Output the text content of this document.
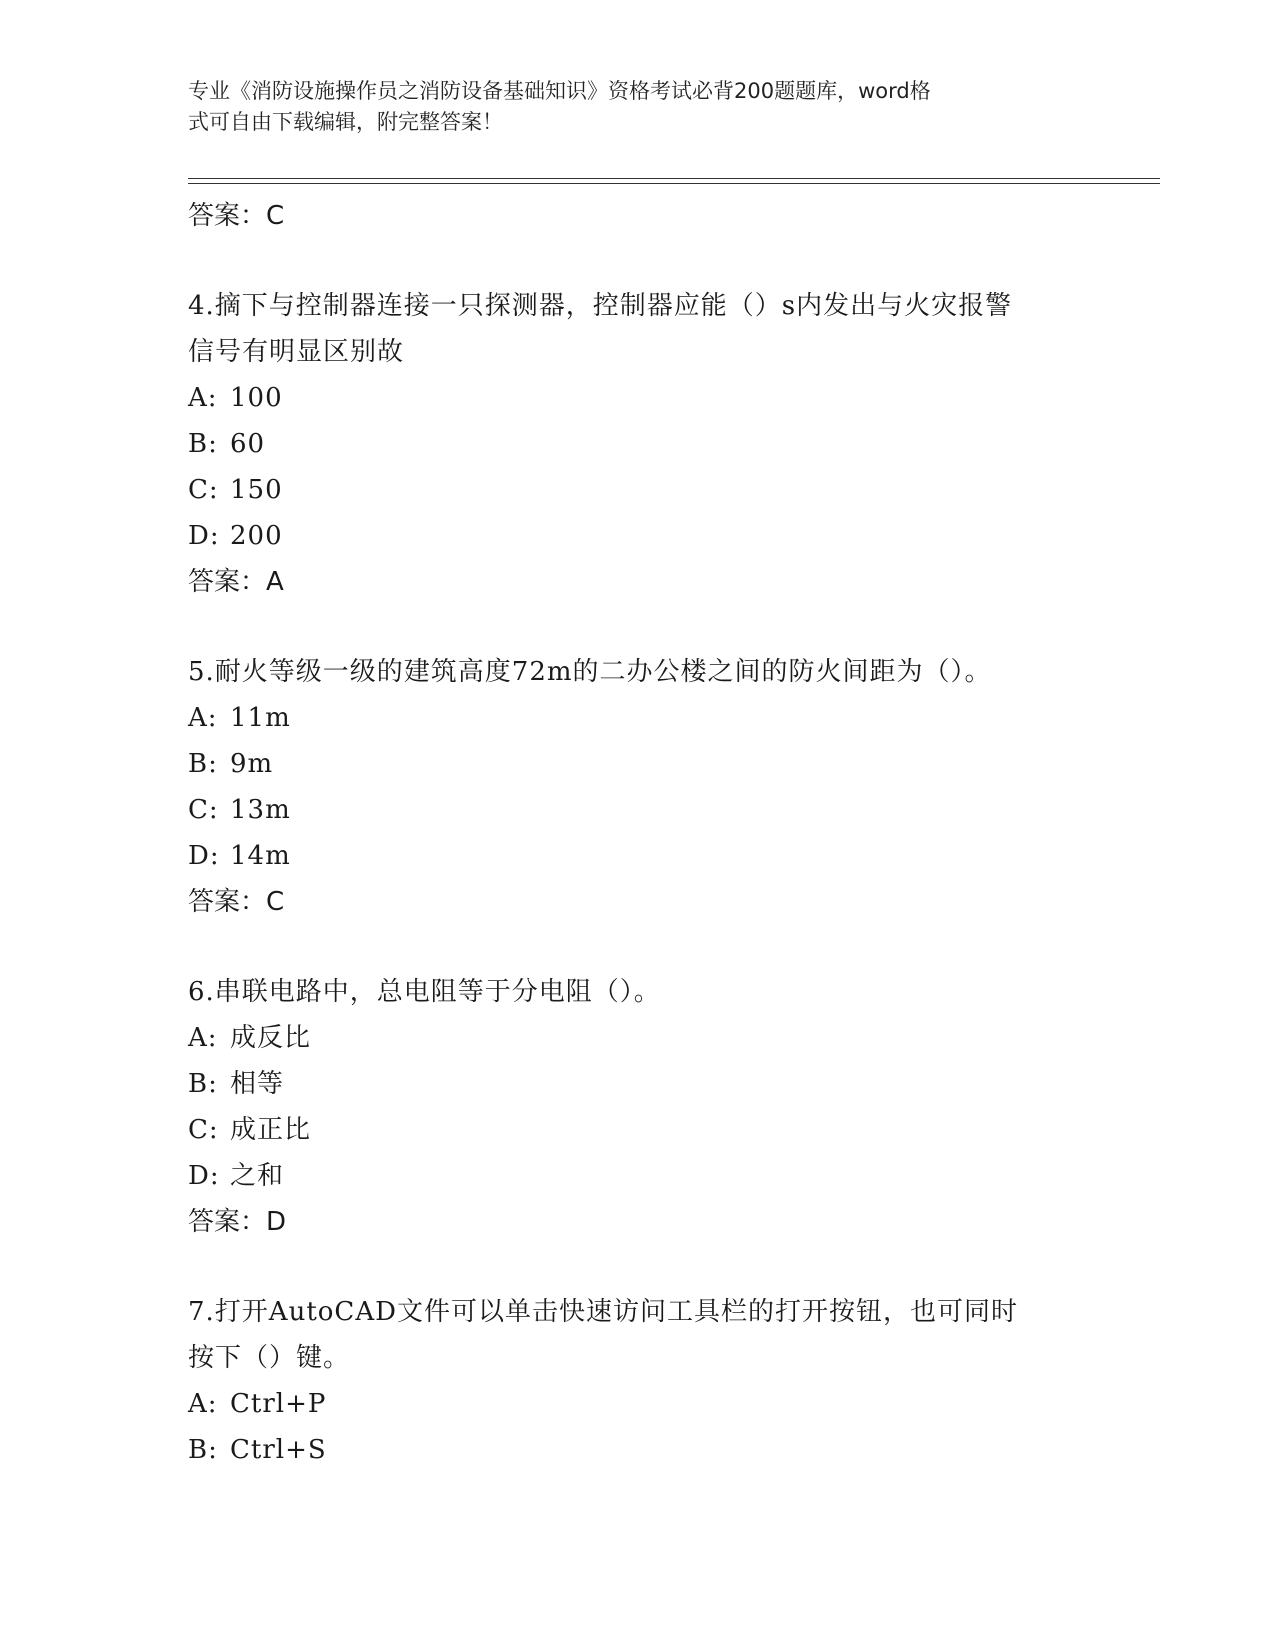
专业《消防设施操作员之消防设备基础知识》资格考试必背200题题库，word格
式可自由下载编辑，附完整答案！
答案：C
4.摘下与控制器连接一只探测器，控制器应能（）s内发出与火灾报警
信号有明显区别故
A: 100
B: 60
C: 150
D: 200
答案：A
5.耐火等级一级的建筑高度72m的二办公楼之间的防火间距为（）。
A: 11m
B: 9m
C: 13m
D: 14m
答案：C
6.串联电路中，总电阻等于分电阻（）。
A: 成反比
B: 相等
C: 成正比
D: 之和
答案：D
7.打开AutoCAD文件可以单击快速访问工具栏的打开按钮，也可同时
按下（）键。
A: Ctrl+P
B: Ctrl+S
